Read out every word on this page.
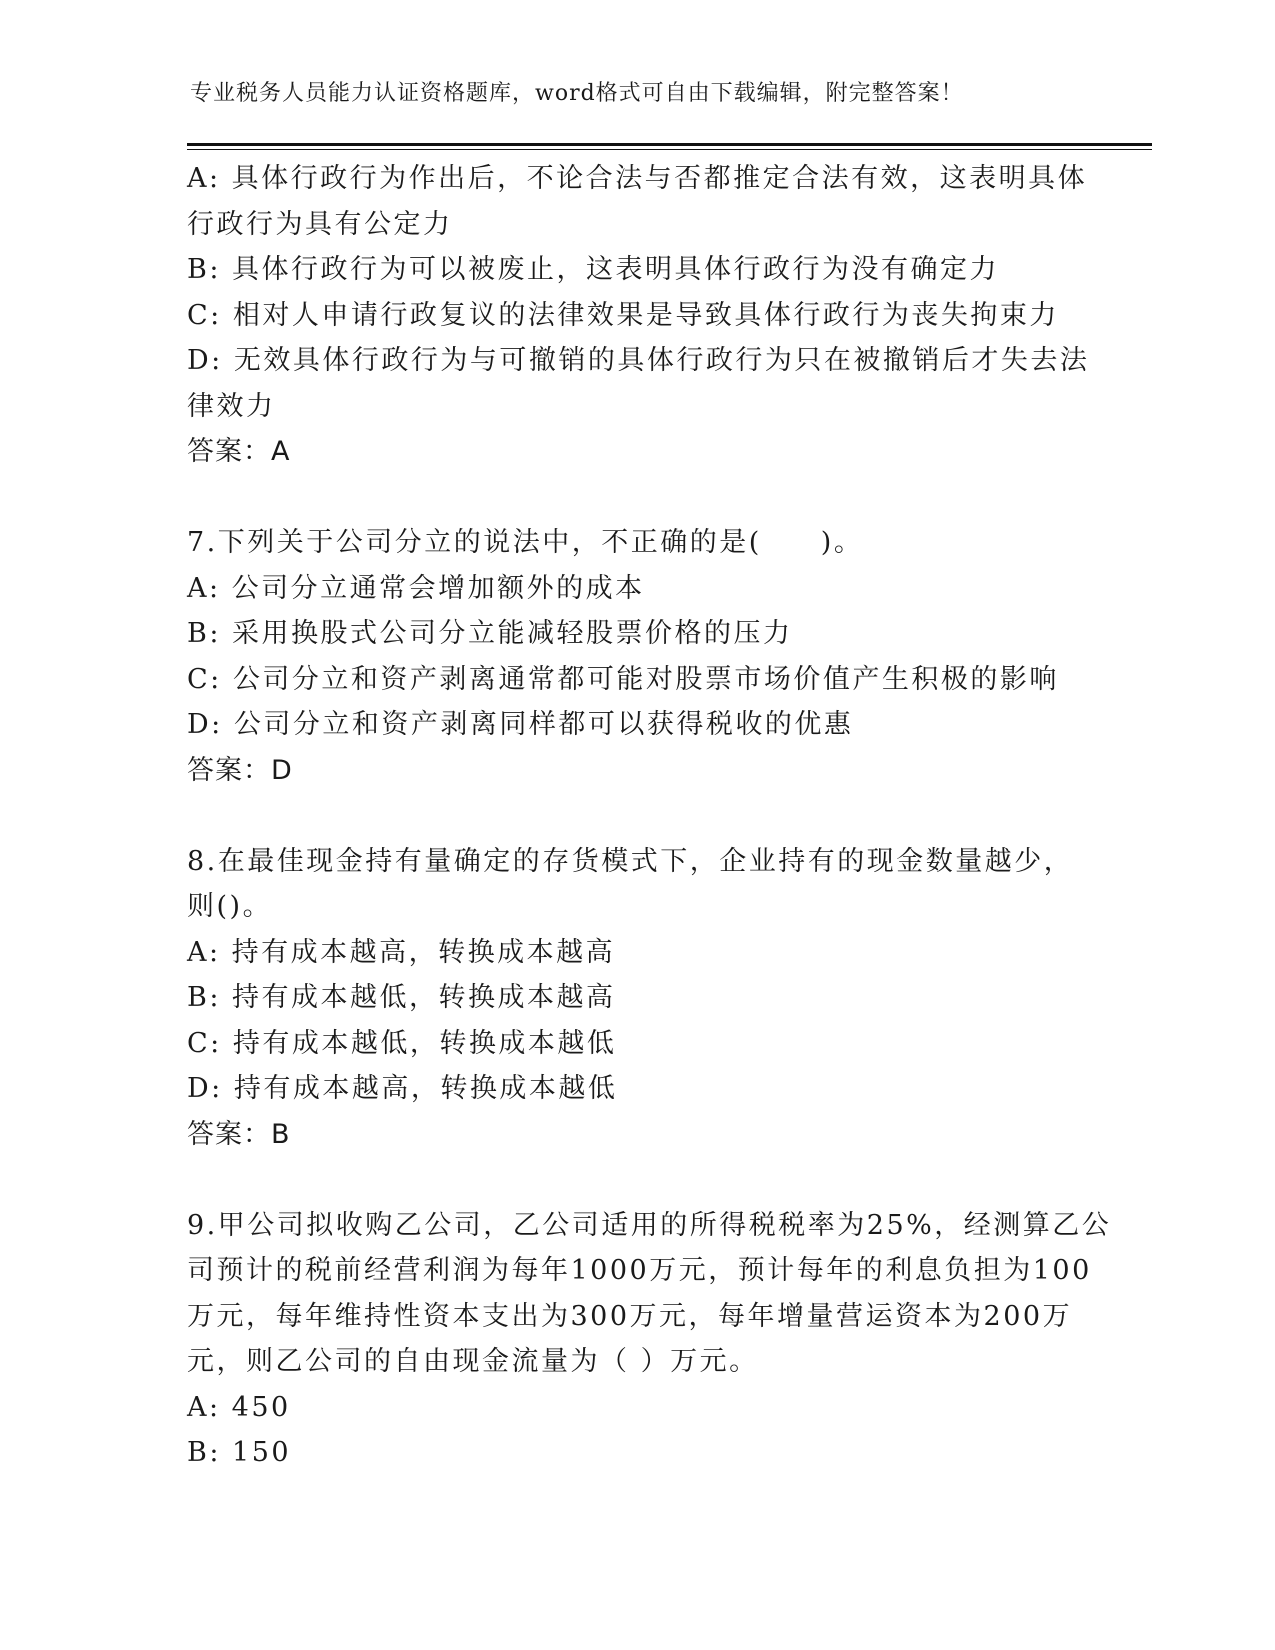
专业税务人员能力认证资格题库，word格式可自由下载编辑，附完整答案！
A: 具体行政行为作出后，不论合法与否都推定合法有效，这表明具体
行政行为具有公定力
B: 具体行政行为可以被废止，这表明具体行政行为没有确定力
C: 相对人申请行政复议的法律效果是导致具体行政行为丧失拘束力
D: 无效具体行政行为与可撤销的具体行政行为只在被撤销后才失去法
律效力
答案：A
7.下列关于公司分立的说法中，不正确的是(　　)。
A: 公司分立通常会增加额外的成本
B: 采用换股式公司分立能减轻股票价格的压力
C: 公司分立和资产剥离通常都可能对股票市场价值产生积极的影响
D: 公司分立和资产剥离同样都可以获得税收的优惠
答案：D
8.在最佳现金持有量确定的存货模式下，企业持有的现金数量越少，
则()。
A: 持有成本越高，转换成本越高
B: 持有成本越低，转换成本越高
C: 持有成本越低，转换成本越低
D: 持有成本越高，转换成本越低
答案：B
9.甲公司拟收购乙公司，乙公司适用的所得税税率为25%，经测算乙公
司预计的税前经营利润为每年1000万元，预计每年的利息负担为100
万元，每年维持性资本支出为300万元，每年增量营运资本为200万
元，则乙公司的自由现金流量为（ ）万元。
A: 450
B: 150
